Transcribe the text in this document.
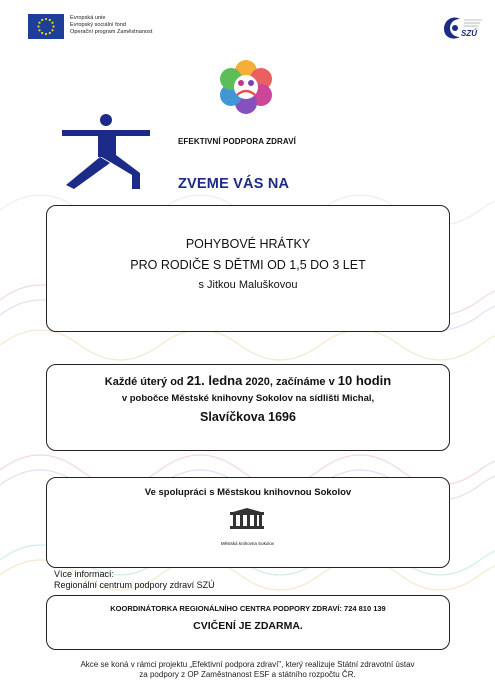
Evropská unie
Evropský sociální fond
Operační program Zaměstnanost	SZÚ
EFEKTIVNÍ PODPORA ZDRAVÍ
ZVEME VÁS NA
POHYBOVÉ HRÁTKY
PRO RODIČE S DĚTMI OD 1,5 DO 3 LET
s Jitkou Maluškovou
Každé úterý od 21. ledna 2020, začínáme v 10 hodin
v pobočce Městské knihovny Sokolov na sídlišti Michal,
Slavíčkova 1696
Ve spolupráci s Městskou knihovnou Sokolov
Městská knihovna Sokolov
Více informací:
Regionální centrum podpory zdraví SZÚ
KOORDINÁTORKA REGIONÁLNÍHO CENTRA PODPORY ZDRAVÍ: 724 810 139
CVIČENÍ JE ZDARMA.
Akce se koná v rámci projektu „Efektivní podpora zdraví", který realizuje Státní zdravotní ústav
za podpory z OP Zaměstnanost ESF a státního rozpočtu ČR.
